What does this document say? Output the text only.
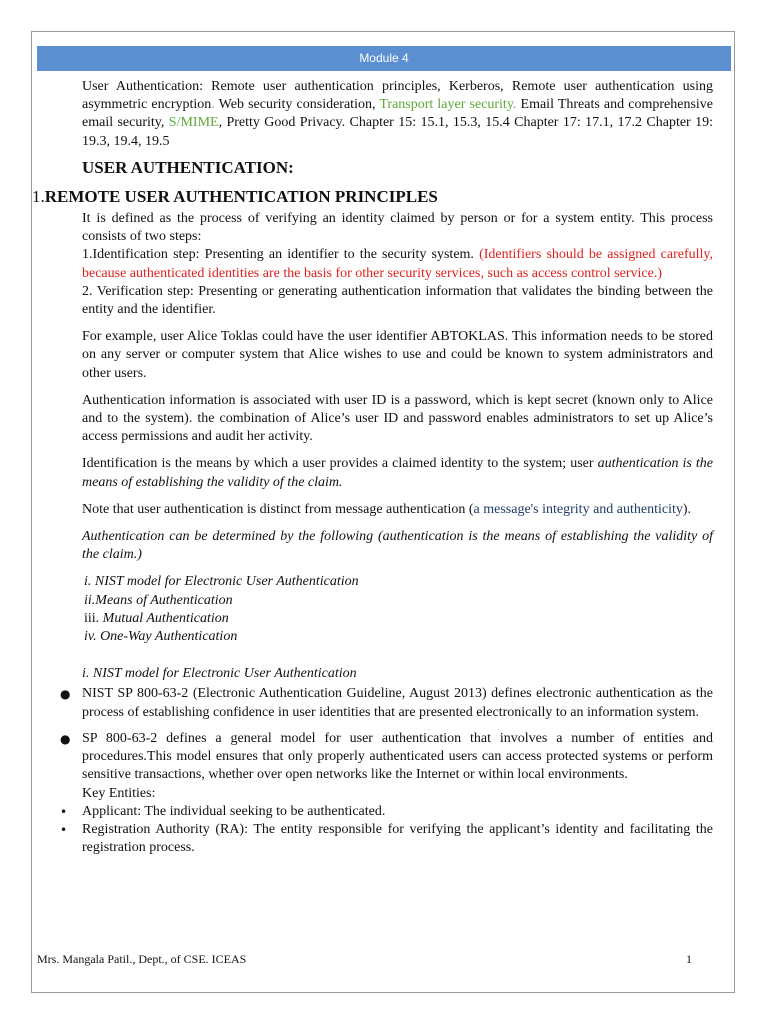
Module 4

User Authentication: Remote user authentication principles, Kerberos, Remote user authentication using asymmetric encryption. Web security consideration, Transport layer security. Email Threats and comprehensive email security, S/MIME, Pretty Good Privacy. Chapter 15: 15.1, 15.3, 15.4 Chapter 17: 17.1, 17.2 Chapter 19: 19.3, 19.4, 19.5

USER AUTHENTICATION:

1.REMOTE USER AUTHENTICATION PRINCIPLES

It is defined as the process of verifying an identity claimed by person or for a system entity. This process consists of two steps:

1.Identification step: Presenting an identifier to the security system. (Identifiers should be assigned carefully, because authenticated identities are the basis for other security services, such as access control service.)

2. Verification step: Presenting or generating authentication information that validates the binding between the entity and the identifier.

For example, user Alice Toklas could have the user identifier ABTOKLAS. This information needs to be stored on any server or computer system that Alice wishes to use and could be known to system administrators and other users.

Authentication information is associated with user ID is a password, which is kept secret (known only to Alice and to the system). the combination of Alice’s user ID and password enables administrators to set up Alice’s access permissions and audit her activity.

Identification is the means by which a user provides a claimed identity to the system; user authentication is the means of establishing the validity of the claim.

Note that user authentication is distinct from message authentication (a message's integrity and authenticity).

Authentication can be determined by the following (authentication is the means of establishing the validity of the claim.)

i. NIST model for Electronic User Authentication
ii.Means of Authentication
iii. Mutual Authentication
iv. One-Way Authentication

i. NIST model for Electronic User Authentication

● NIST SP 800-63-2 (Electronic Authentication Guideline, August 2013) defines electronic authentication as the process of establishing confidence in user identities that are presented electronically to an information system.
● SP 800-63-2 defines a general model for user authentication that involves a number of entities and procedures.This model ensures that only properly authenticated users can access protected systems or perform sensitive transactions, whether over open networks like the Internet or within local environments.

Key Entities:

• Applicant: The individual seeking to be authenticated.
• Registration Authority (RA): The entity responsible for verifying the applicant’s identity and facilitating the registration process.
Mrs. Mangala Patil., Dept., of CSE. ICEAS	1
